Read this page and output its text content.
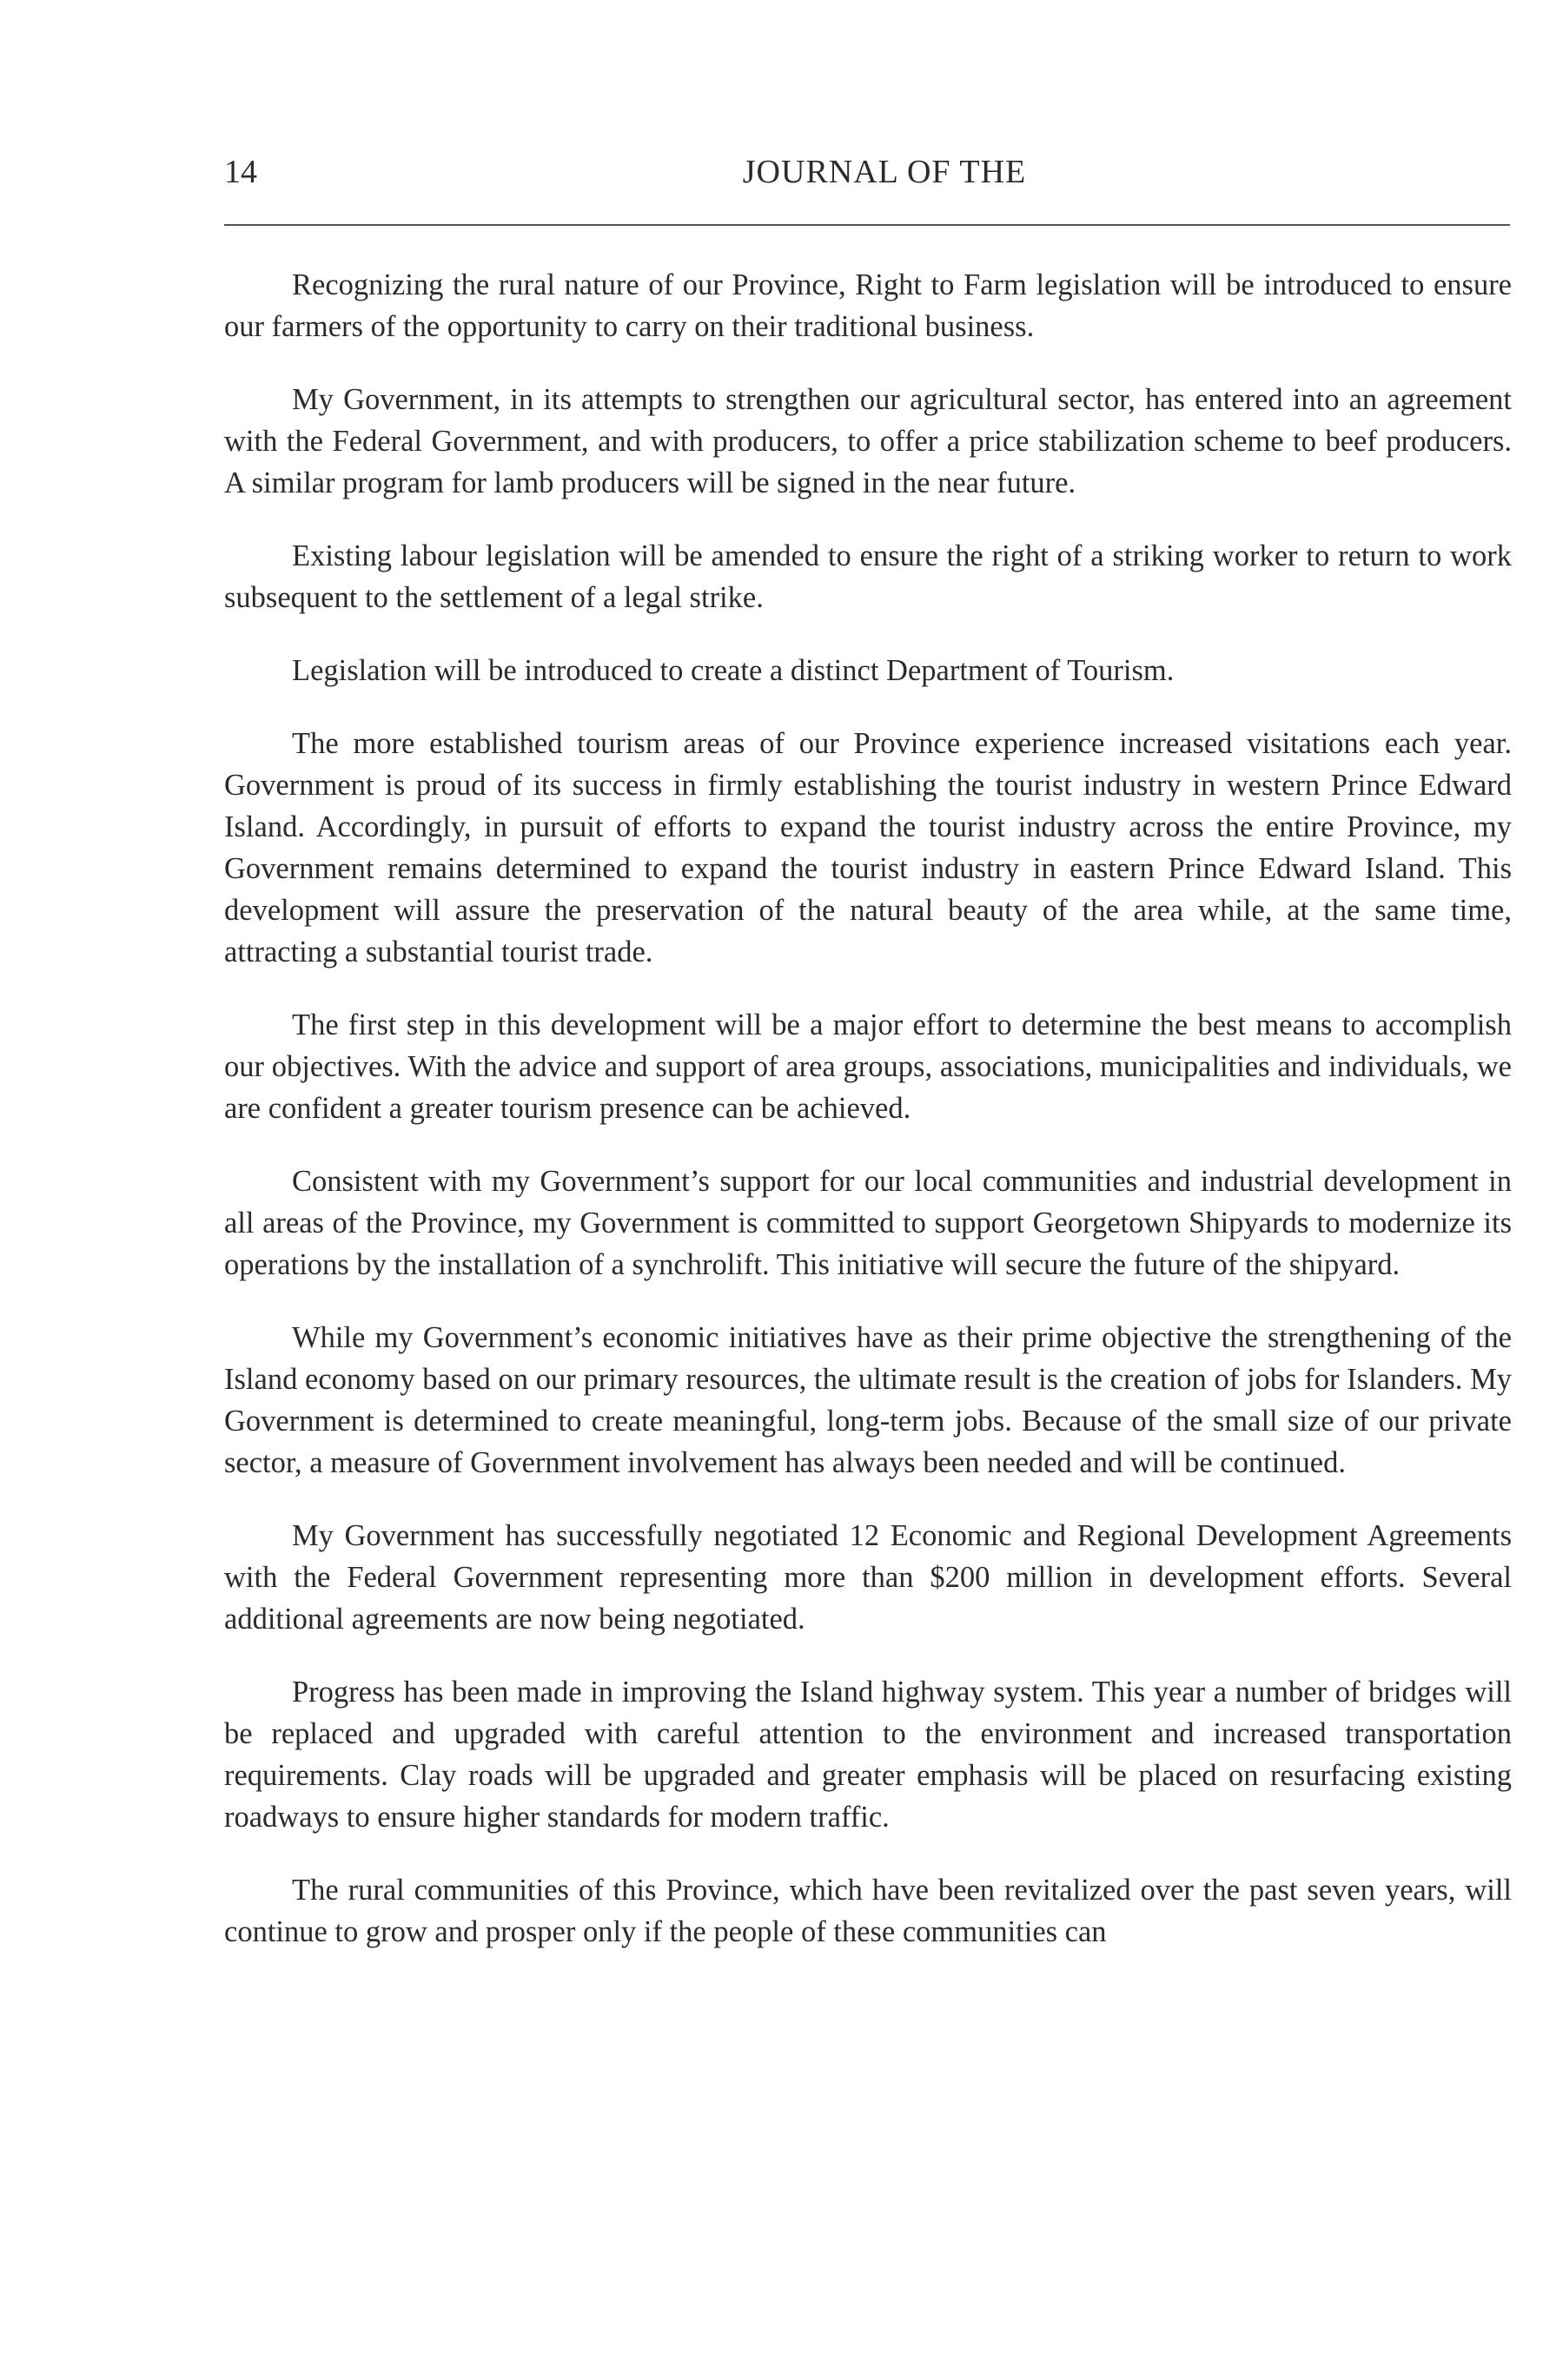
14	JOURNAL OF THE

Recognizing the rural nature of our Province, Right to Farm legislation will be introduced to ensure our farmers of the opportunity to carry on their traditional business.

My Government, in its attempts to strengthen our agricultural sector, has entered into an agreement with the Federal Government, and with producers, to offer a price stabilization scheme to beef producers. A similar program for lamb producers will be signed in the near future.

Existing labour legislation will be amended to ensure the right of a striking worker to return to work subsequent to the settlement of a legal strike.

Legislation will be introduced to create a distinct Department of Tourism.

The more established tourism areas of our Province experience increased visitations each year. Government is proud of its success in firmly establishing the tourist industry in western Prince Edward Island. Accordingly, in pursuit of efforts to expand the tourist industry across the entire Province, my Government remains determined to expand the tourist industry in eastern Prince Edward Island. This development will assure the preservation of the natural beauty of the area while, at the same time, attracting a substantial tourist trade.

The first step in this development will be a major effort to determine the best means to accomplish our objectives. With the advice and support of area groups, associations, municipalities and individuals, we are confident a greater tourism presence can be achieved.

Consistent with my Government’s support for our local communities and industrial development in all areas of the Province, my Government is committed to support Georgetown Shipyards to modernize its operations by the installation of a synchrolift. This initiative will secure the future of the shipyard.

While my Government’s economic initiatives have as their prime objective the strengthening of the Island economy based on our primary resources, the ultimate result is the creation of jobs for Islanders. My Government is determined to create meaningful, long-term jobs. Because of the small size of our private sector, a measure of Government involvement has always been needed and will be continued.

My Government has successfully negotiated 12 Economic and Regional Development Agreements with the Federal Government representing more than $200 million in development efforts. Several additional agreements are now being negotiated.

Progress has been made in improving the Island highway system. This year a number of bridges will be replaced and upgraded with careful attention to the environment and increased transportation requirements. Clay roads will be upgraded and greater emphasis will be placed on resurfacing existing roadways to ensure higher standards for modern traffic.

The rural communities of this Province, which have been revitalized over the past seven years, will continue to grow and prosper only if the people of these communities can
